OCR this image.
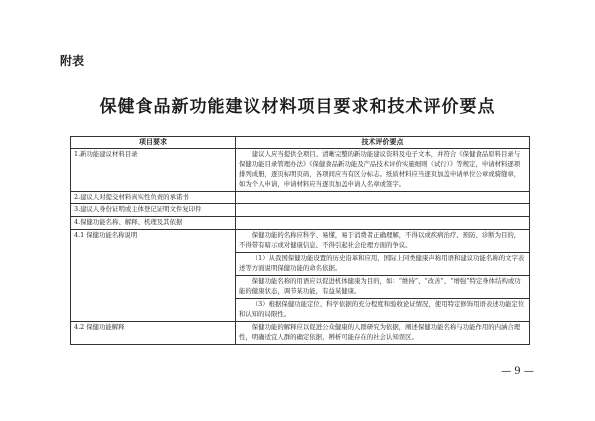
附表
保健食品新功能建议材料项目要求和技术评价要点
项目要求	技术评价要点
1.新功能建议材料目录	建议人应当提供全项目、清晰完整的新功能建议资料及电子文本，并符合《保健食品原料目录与保健功能目录管理办法》《保健食品新功能及产品技术评价实施细则（试行）》等规定，申请材料逐项排列成册，逐页标明页码，各项间应当有区分标志。纸质材料应当逐页加盖申请单位公章或骑缝章，如为个人申请，申请材料应当逐页加盖申请人名章或签字。
2.建议人对提交材料真实性负责的承诺书	
3.建议人身份证明或主体登记证明文件复印件	
4.保健功能名称、解释、机理及其依据	
4.1 保健功能名称说明	保健功能的名称应科学、易懂，易于消费者正确理解，不得以或疾病治疗、预防、诊断为目的，不得带有暗示或对健康信息、不得引起社会伦理方面的争议。
	（1）从我国保健功能设置的历史沿革和应用、国际上同类健康声称用语和建议功能名称的文字表述等方面说明保健功能的命名依据。
	保健功能名称的用语应以促进机体健康为目的，如：“维持”、“改善”、“增强”特定身体结构或功能的健康状态，调节某功能，有益某健康。
	（3）根据保健功能定位、科学依据的充分程度和验收论证情况，使用特定修饰用语表述功能定位和认知的局限性。
4.2 保健功能解释	保健功能的解释应以促进公众健康的人群研究为依据，阐述保健功能名称与功能作用的内涵合理性，明确适宜人群的确定依据，辨析可能存在的社会认知误区。
— 9 —
